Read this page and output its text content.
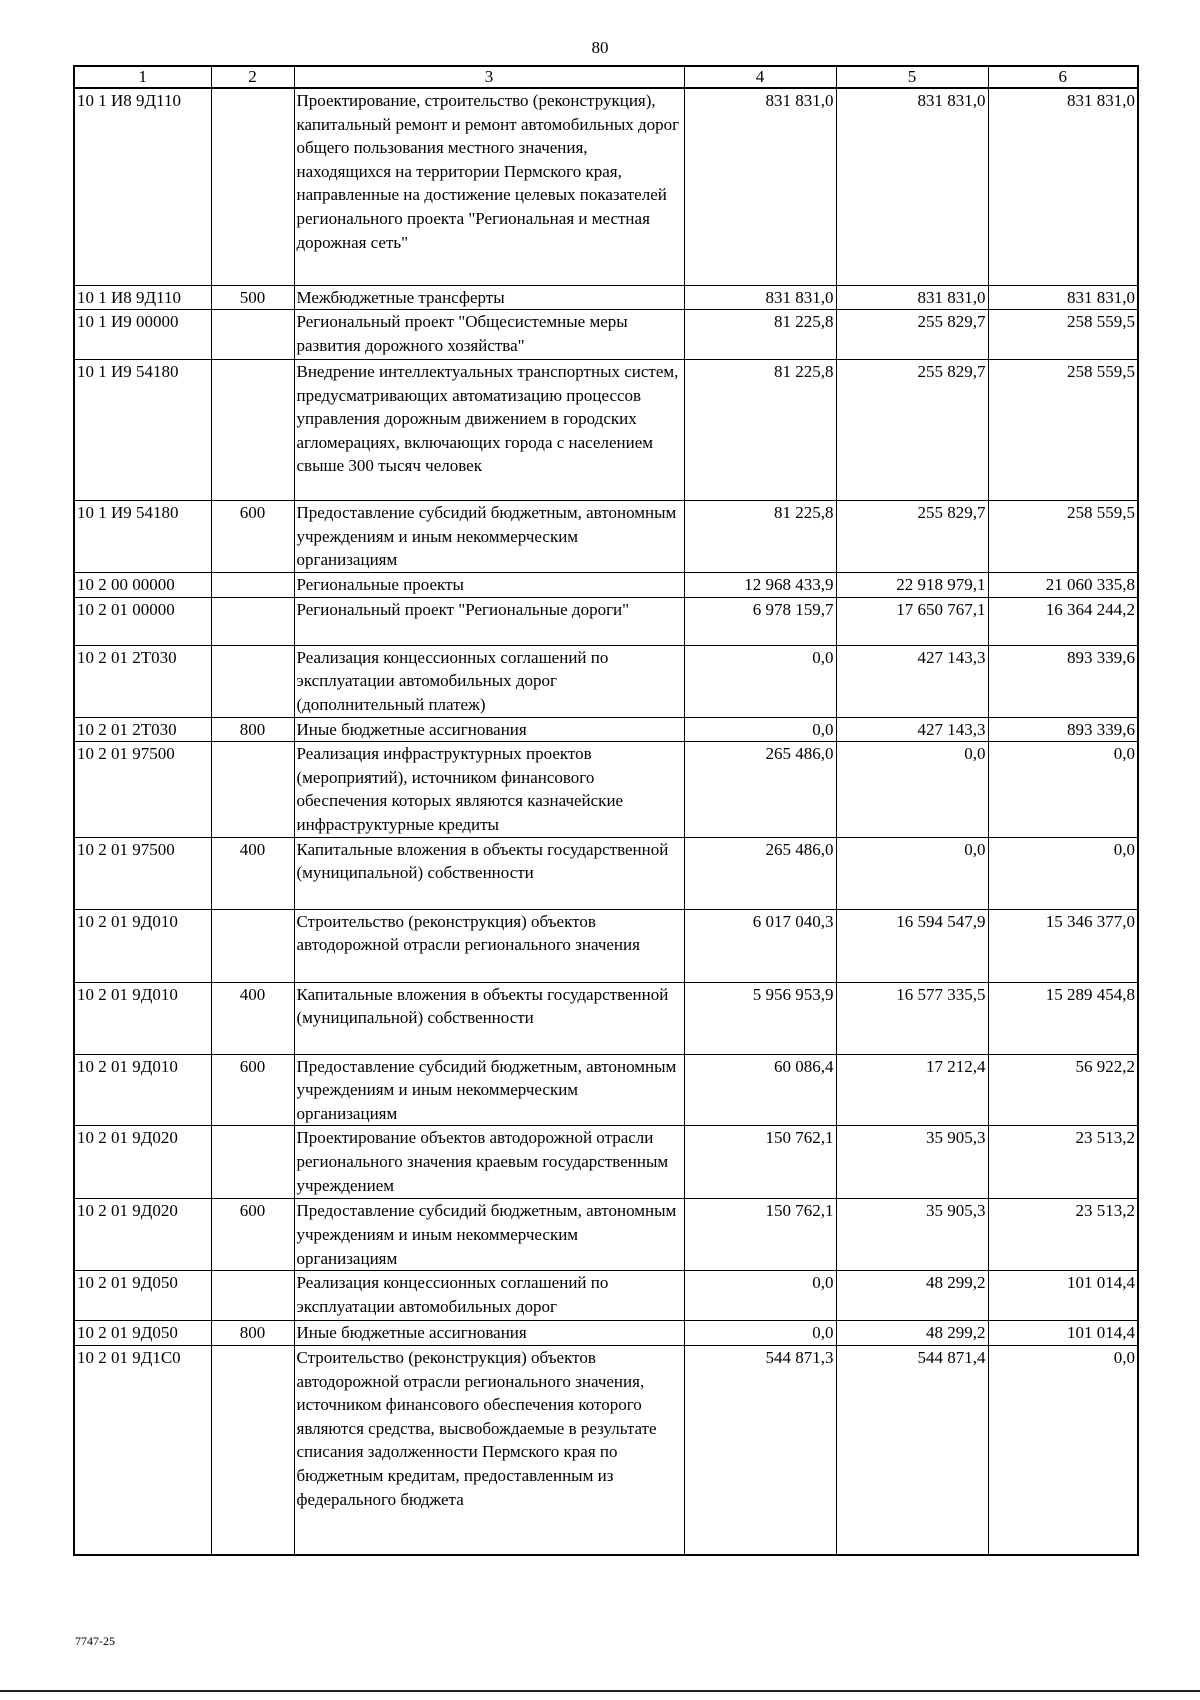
80
1	2	3	4	5	6
10 1 И8 9Д110		Проектирование, строительство (реконструкция), капитальный ремонт и ремонт автомобильных дорог общего пользования местного значения, находящихся на территории Пермского края, направленные на достижение целевых показателей регионального проекта "Региональная и местная дорожная сеть"	831 831,0	831 831,0	831 831,0
10 1 И8 9Д110	500	Межбюджетные трансферты	831 831,0	831 831,0	831 831,0
10 1 И9 00000		Региональный проект "Общесистемные меры развития дорожного хозяйства"	81 225,8	255 829,7	258 559,5
10 1 И9 54180		Внедрение интеллектуальных транспортных систем, предусматривающих автоматизацию процессов управления дорожным движением в городских агломерациях, включающих города с населением свыше 300 тысяч человек	81 225,8	255 829,7	258 559,5
10 1 И9 54180	600	Предоставление субсидий бюджетным, автономным учреждениям и иным некоммерческим организациям	81 225,8	255 829,7	258 559,5
10 2 00 00000		Региональные проекты	12 968 433,9	22 918 979,1	21 060 335,8
10 2 01 00000		Региональный проект "Региональные дороги"	6 978 159,7	17 650 767,1	16 364 244,2
10 2 01 2Т030		Реализация концессионных соглашений по эксплуатации автомобильных дорог (дополнительный платеж)	0,0	427 143,3	893 339,6
10 2 01 2Т030	800	Иные бюджетные ассигнования	0,0	427 143,3	893 339,6
10 2 01 97500		Реализация инфраструктурных проектов (мероприятий), источником финансового обеспечения которых являются казначейские инфраструктурные кредиты	265 486,0	0,0	0,0
10 2 01 97500	400	Капитальные вложения в объекты государственной (муниципальной) собственности	265 486,0	0,0	0,0
10 2 01 9Д010		Строительство (реконструкция) объектов автодорожной отрасли регионального значения	6 017 040,3	16 594 547,9	15 346 377,0
10 2 01 9Д010	400	Капитальные вложения в объекты государственной (муниципальной) собственности	5 956 953,9	16 577 335,5	15 289 454,8
10 2 01 9Д010	600	Предоставление субсидий бюджетным, автономным учреждениям и иным некоммерческим организациям	60 086,4	17 212,4	56 922,2
10 2 01 9Д020		Проектирование объектов автодорожной отрасли регионального значения краевым государственным учреждением	150 762,1	35 905,3	23 513,2
10 2 01 9Д020	600	Предоставление субсидий бюджетным, автономным учреждениям и иным некоммерческим организациям	150 762,1	35 905,3	23 513,2
10 2 01 9Д050		Реализация концессионных соглашений по эксплуатации автомобильных дорог	0,0	48 299,2	101 014,4
10 2 01 9Д050	800	Иные бюджетные ассигнования	0,0	48 299,2	101 014,4
10 2 01 9Д1С0		Строительство (реконструкция) объектов автодорожной отрасли регионального значения, источником финансового обеспечения которого являются средства, высвобождаемые в результате списания задолженности Пермского края по бюджетным кредитам, предоставленным из федерального бюджета	544 871,3	544 871,4	0,0
7747-25
